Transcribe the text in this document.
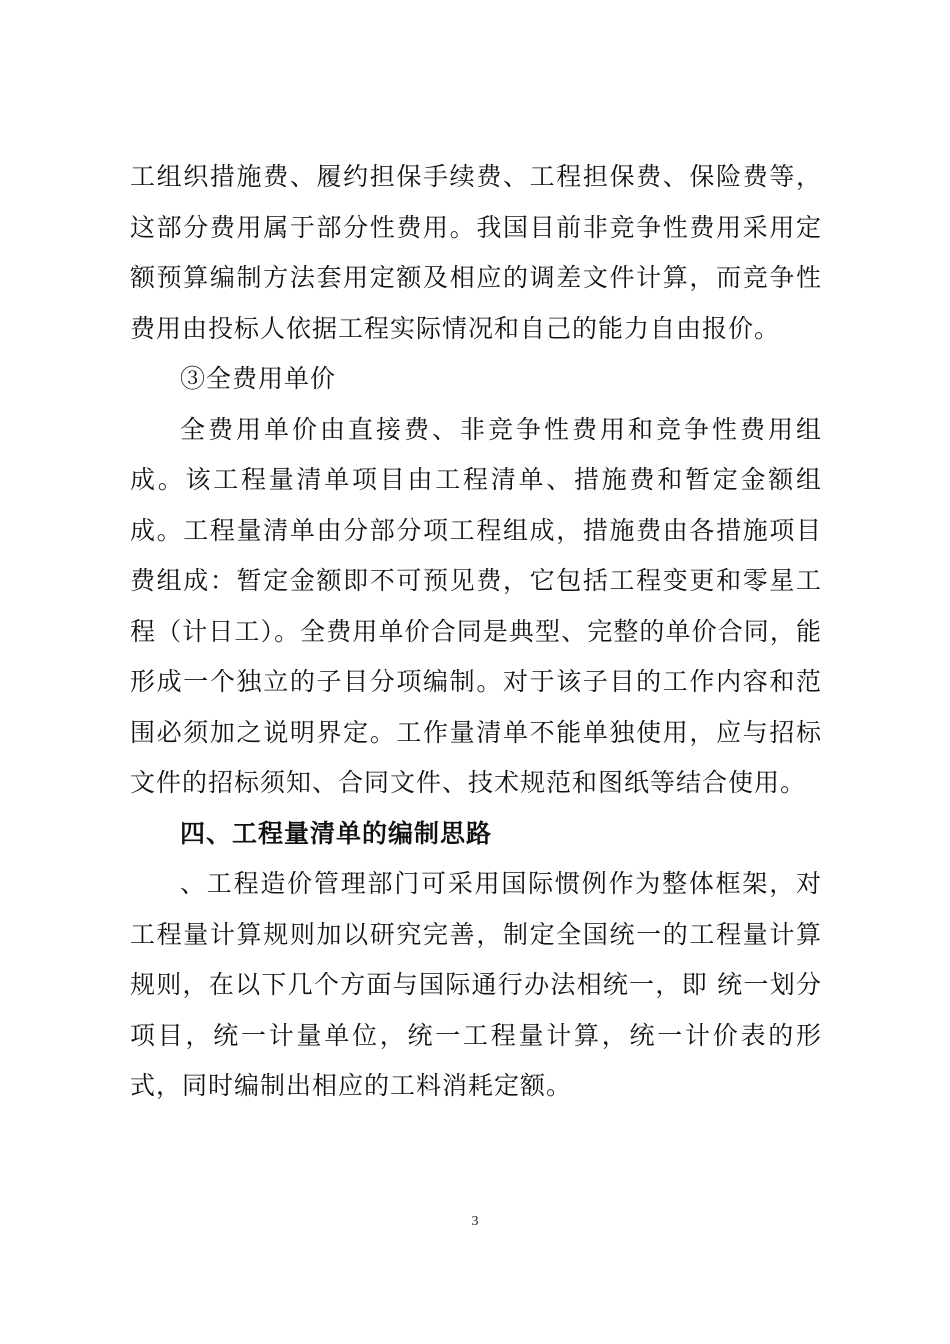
工组织措施费、履约担保手续费、工程担保费、保险费等，这部分费用属于部分性费用。我国目前非竞争性费用采用定额预算编制方法套用定额及相应的调差文件计算，而竞争性费用由投标人依据工程实际情况和自己的能力自由报价。

③全费用单价

全费用单价由直接费、非竞争性费用和竞争性费用组成。该工程量清单项目由工程清单、措施费和暂定金额组成。工程量清单由分部分项工程组成，措施费由各措施项目费组成：暂定金额即不可预见费，它包括工程变更和零星工程（计日工）。全费用单价合同是典型、完整的单价合同，能形成一个独立的子目分项编制。对于该子目的工作内容和范围必须加之说明界定。工作量清单不能单独使用，应与招标文件的招标须知、合同文件、技术规范和图纸等结合使用。

四、工程量清单的编制思路

、工程造价管理部门可采用国际惯例作为整体框架，对工程量计算规则加以研究完善，制定全国统一的工程量计算规则，在以下几个方面与国际通行办法相统一，即 统一划分项目，统一计量单位，统一工程量计算，统一计价表的形式，同时编制出相应的工料消耗定额。

3
